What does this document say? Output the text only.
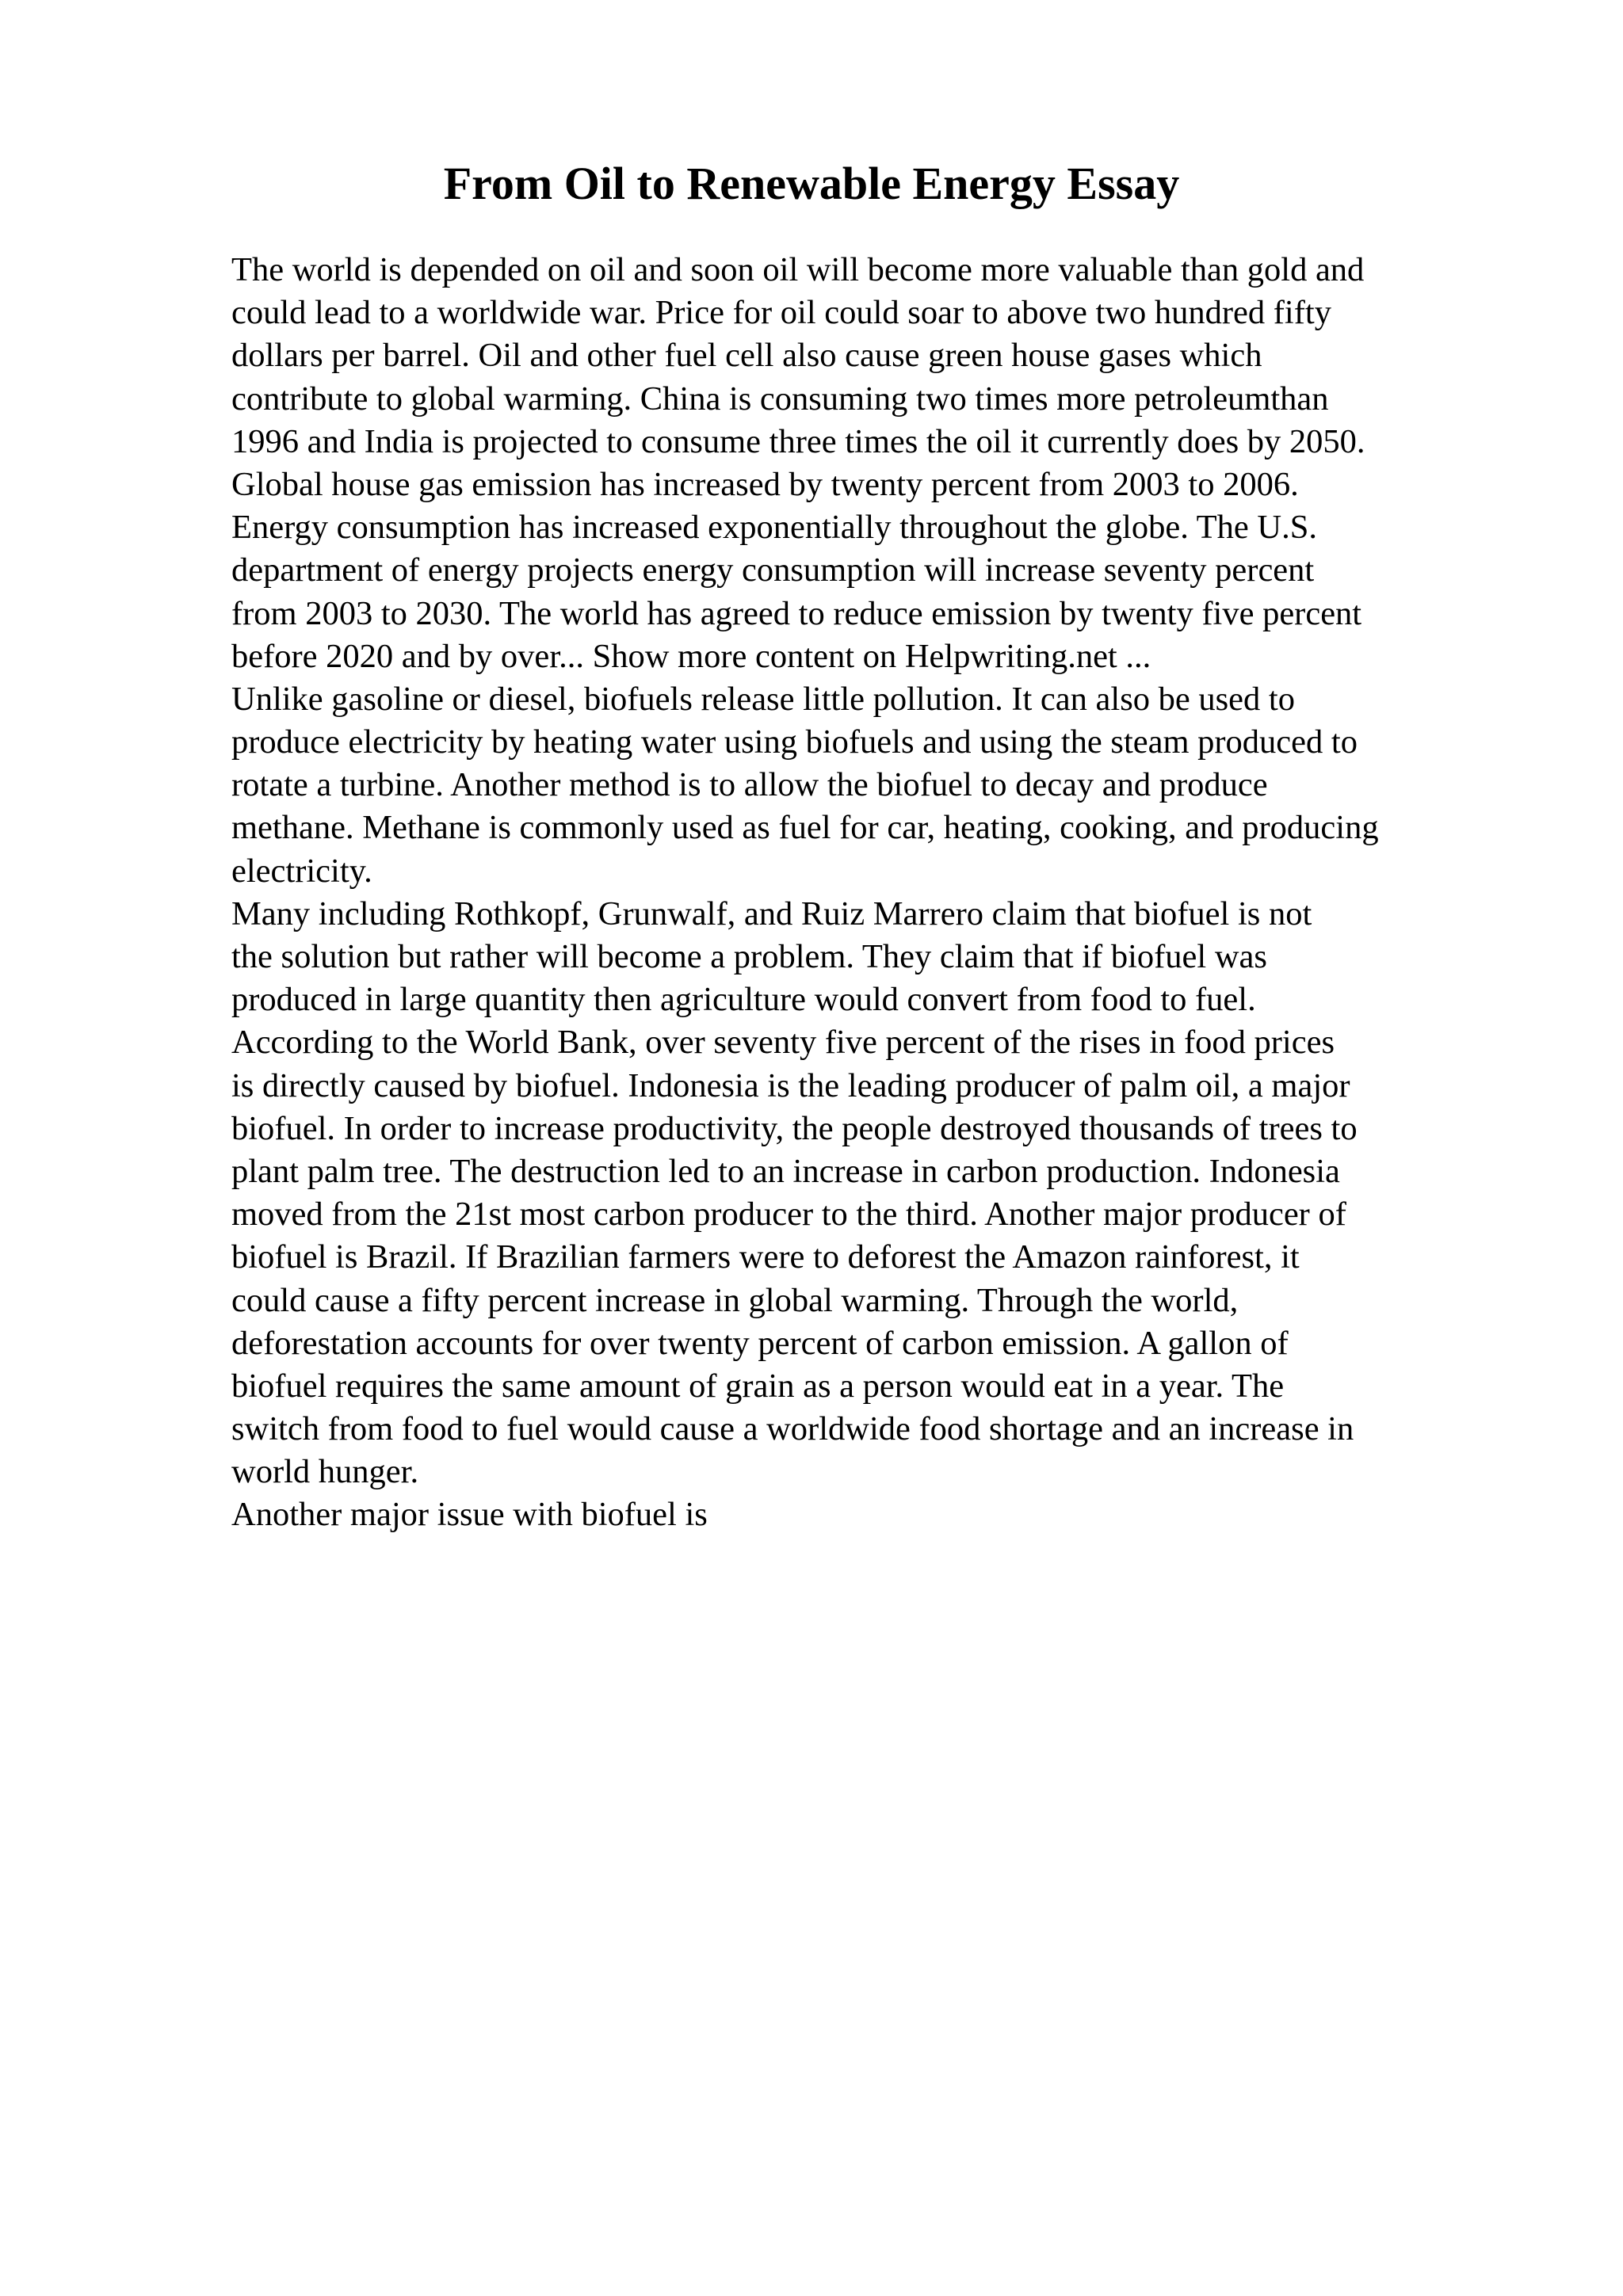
From Oil to Renewable Energy Essay
The world is depended on oil and soon oil will become more valuable than gold and
could lead to a worldwide war. Price for oil could soar to above two hundred fifty
dollars per barrel. Oil and other fuel cell also cause green house gases which
contribute to global warming. China is consuming two times more petroleumthan
1996 and India is projected to consume three times the oil it currently does by 2050.
Global house gas emission has increased by twenty percent from 2003 to 2006.
Energy consumption has increased exponentially throughout the globe. The U.S.
department of energy projects energy consumption will increase seventy percent
from 2003 to 2030. The world has agreed to reduce emission by twenty five percent
before 2020 and by over... Show more content on Helpwriting.net ...
Unlike gasoline or diesel, biofuels release little pollution. It can also be used to
produce electricity by heating water using biofuels and using the steam produced to
rotate a turbine. Another method is to allow the biofuel to decay and produce
methane. Methane is commonly used as fuel for car, heating, cooking, and producing
electricity.
Many including Rothkopf, Grunwalf, and Ruiz Marrero claim that biofuel is not
the solution but rather will become a problem. They claim that if biofuel was
produced in large quantity then agriculture would convert from food to fuel.
According to the World Bank, over seventy five percent of the rises in food prices
is directly caused by biofuel. Indonesia is the leading producer of palm oil, a major
biofuel. In order to increase productivity, the people destroyed thousands of trees to
plant palm tree. The destruction led to an increase in carbon production. Indonesia
moved from the 21st most carbon producer to the third. Another major producer of
biofuel is Brazil. If Brazilian farmers were to deforest the Amazon rainforest, it
could cause a fifty percent increase in global warming. Through the world,
deforestation accounts for over twenty percent of carbon emission. A gallon of
biofuel requires the same amount of grain as a person would eat in a year. The
switch from food to fuel would cause a worldwide food shortage and an increase in
world hunger.
Another major issue with biofuel is
